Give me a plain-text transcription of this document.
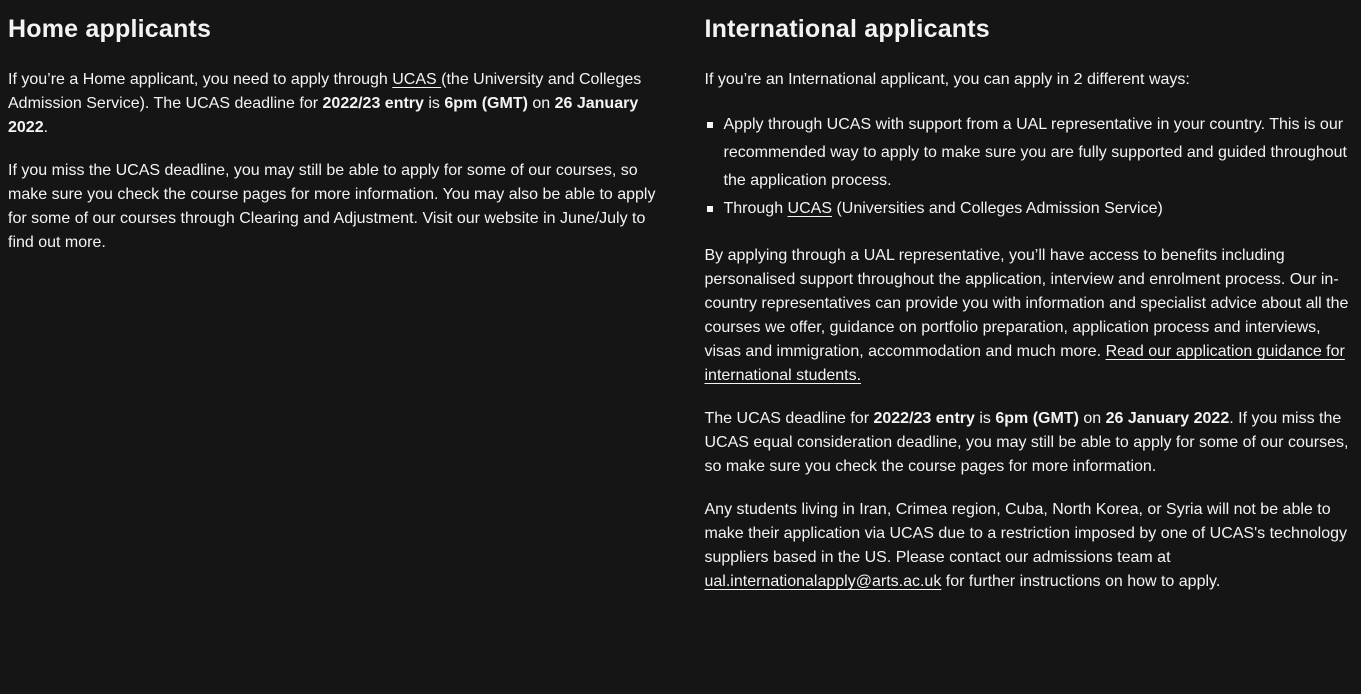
Home applicants

If you’re a Home applicant, you need to apply through UCAS (the University and Colleges Admission Service). The UCAS deadline for 2022/23 entry is 6pm (GMT) on 26 January 2022.

If you miss the UCAS deadline, you may still be able to apply for some of our courses, so make sure you check the course pages for more information. You may also be able to apply for some of our courses through Clearing and Adjustment. Visit our website in June/July to find out more.

International applicants

If you’re an International applicant, you can apply in 2 different ways:

Apply through UCAS with support from a UAL representative in your country. This is our recommended way to apply to make sure you are fully supported and guided throughout the application process.
Through UCAS (Universities and Colleges Admission Service)

By applying through a UAL representative, you’ll have access to benefits including personalised support throughout the application, interview and enrolment process. Our in-country representatives can provide you with information and specialist advice about all the courses we offer, guidance on portfolio preparation, application process and interviews, visas and immigration, accommodation and much more. Read our application guidance for international students.

The UCAS deadline for 2022/23 entry is 6pm (GMT) on 26 January 2022. If you miss the UCAS equal consideration deadline, you may still be able to apply for some of our courses, so make sure you check the course pages for more information.

Any students living in Iran, Crimea region, Cuba, North Korea, or Syria will not be able to make their application via UCAS due to a restriction imposed by one of UCAS's technology suppliers based in the US. Please contact our admissions team at ual.internationalapply@arts.ac.uk for further instructions on how to apply.
